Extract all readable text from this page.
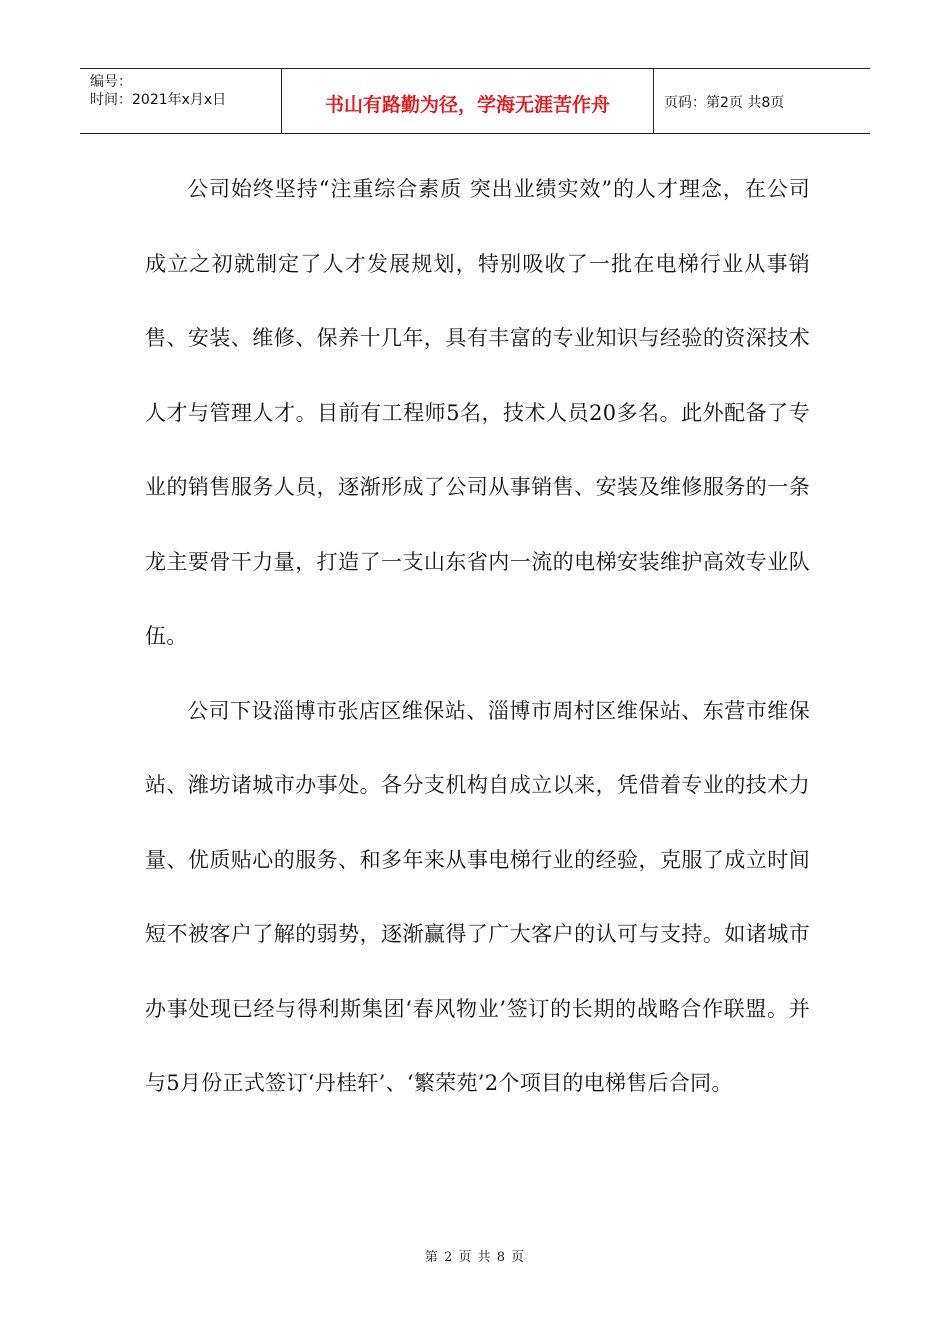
编号：
时间：2021年x月x日	书山有路勤为径，学海无涯苦作舟	页码：第2页 共8页

公司始终坚持“注重综合素质 突出业绩实效”的人才理念，在公司成立之初就制定了人才发展规划，特别吸收了一批在电梯行业从事销售、安装、维修、保养十几年，具有丰富的专业知识与经验的资深技术人才与管理人才。目前有工程师5名，技术人员20多名。此外配备了专业的销售服务人员，逐渐形成了公司从事销售、安装及维修服务的一条龙主要骨干力量，打造了一支山东省内一流的电梯安装维护高效专业队伍。

公司下设淄博市张店区维保站、淄博市周村区维保站、东营市维保站、潍坊诸城市办事处。各分支机构自成立以来，凭借着专业的技术力量、优质贴心的服务、和多年来从事电梯行业的经验，克服了成立时间短不被客户了解的弱势，逐渐赢得了广大客户的认可与支持。如诸城市办事处现已经与得利斯集团‘春风物业’签订的长期的战略合作联盟。并与5月份正式签订‘丹桂轩’、‘繁荣苑’2个项目的电梯售后合同。

第 2 页 共 8 页
